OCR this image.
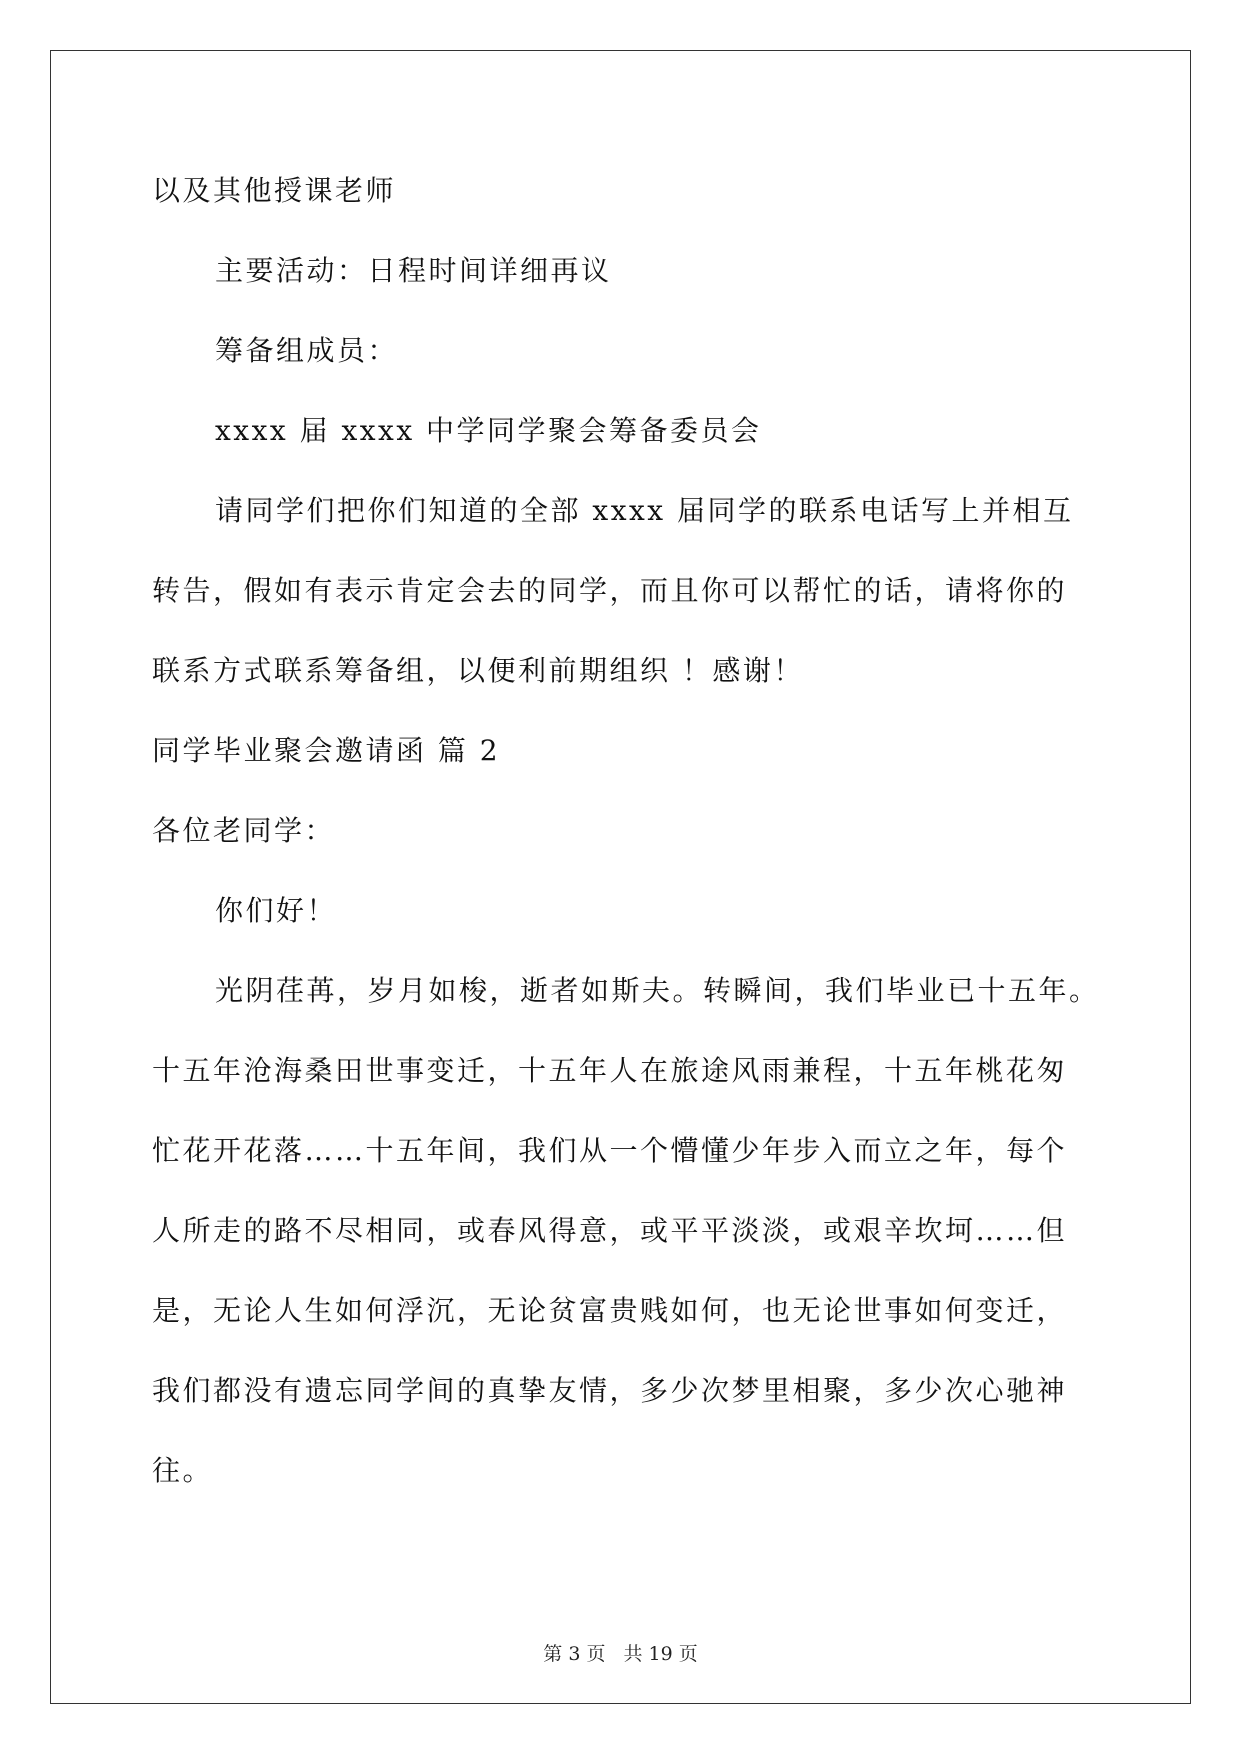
以及其他授课老师
主要活动：日程时间详细再议
筹备组成员：
xxxx 届 xxxx 中学同学聚会筹备委员会
请同学们把你们知道的全部 xxxx 届同学的联系电话写上并相互
转告，假如有表示肯定会去的同学，而且你可以帮忙的话，请将你的
联系方式联系筹备组，以便利前期组织 ！感谢！
同学毕业聚会邀请函 篇 2
各位老同学：
你们好！
光阴荏苒，岁月如梭，逝者如斯夫。转瞬间，我们毕业已十五年。
十五年沧海桑田世事变迁，十五年人在旅途风雨兼程，十五年桃花匆
忙花开花落……十五年间，我们从一个懵懂少年步入而立之年，每个
人所走的路不尽相同，或春风得意，或平平淡淡，或艰辛坎坷……但
是，无论人生如何浮沉，无论贫富贵贱如何，也无论世事如何变迁，
我们都没有遗忘同学间的真挚友情，多少次梦里相聚，多少次心驰神
往。
第 3 页 共 19 页
